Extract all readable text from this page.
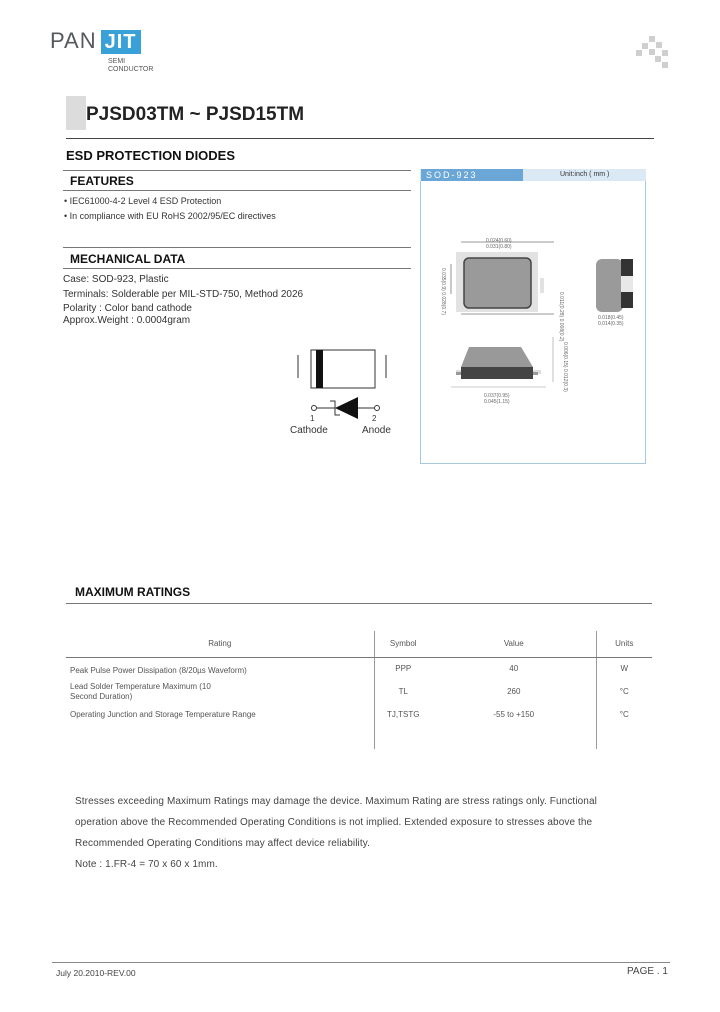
PAN JIT
SEMI
CONDUCTOR
PJSD03TM ~ PJSD15TM
ESD PROTECTION DIODES
FEATURES
• IEC61000-4-2 Level 4 ESD Protection
• In compliance with EU RoHS 2002/95/EC directives
MECHANICAL DATA
Case: SOD-923, Plastic
Terminals: Solderable per MIL-STD-750, Method 2026
Polarity : Color band cathode
Approx.Weight : 0.0004gram
1	2
Cathode	Anode
SOD-923	Unit:inch ( mm )
0.024(0.60)
0.031(0.80)
0.035(0.9) 0.028(0.7)	0.011(0.28) 0.008(0.2)
0.018(0.45)
0.014(0.35)
0.006(0.15) 0.012(0.3)
0.037(0.95)
0.045(1.15)
MAXIMUM RATINGS
Rating	Symbol	Value	Units
Peak Pulse Power Dissipation (8/20µs Waveform)	PPP	40	W

Lead Solder Temperature Maximum (10 Second Duration)	TL	260	°C
Operating Junction and Storage Temperature Range	TJ,TSTG	-55 to +150	°C

Stresses exceeding Maximum Ratings may damage the device. Maximum Rating are stress ratings only. Functional
operation above the Recommended Operating Conditions is not implied. Extended exposure to stresses above the
Recommended Operating Conditions may affect device reliability.
Note : 1.FR-4 = 70 x 60 x 1mm.
July 20.2010-REV.00	PAGE . 1
